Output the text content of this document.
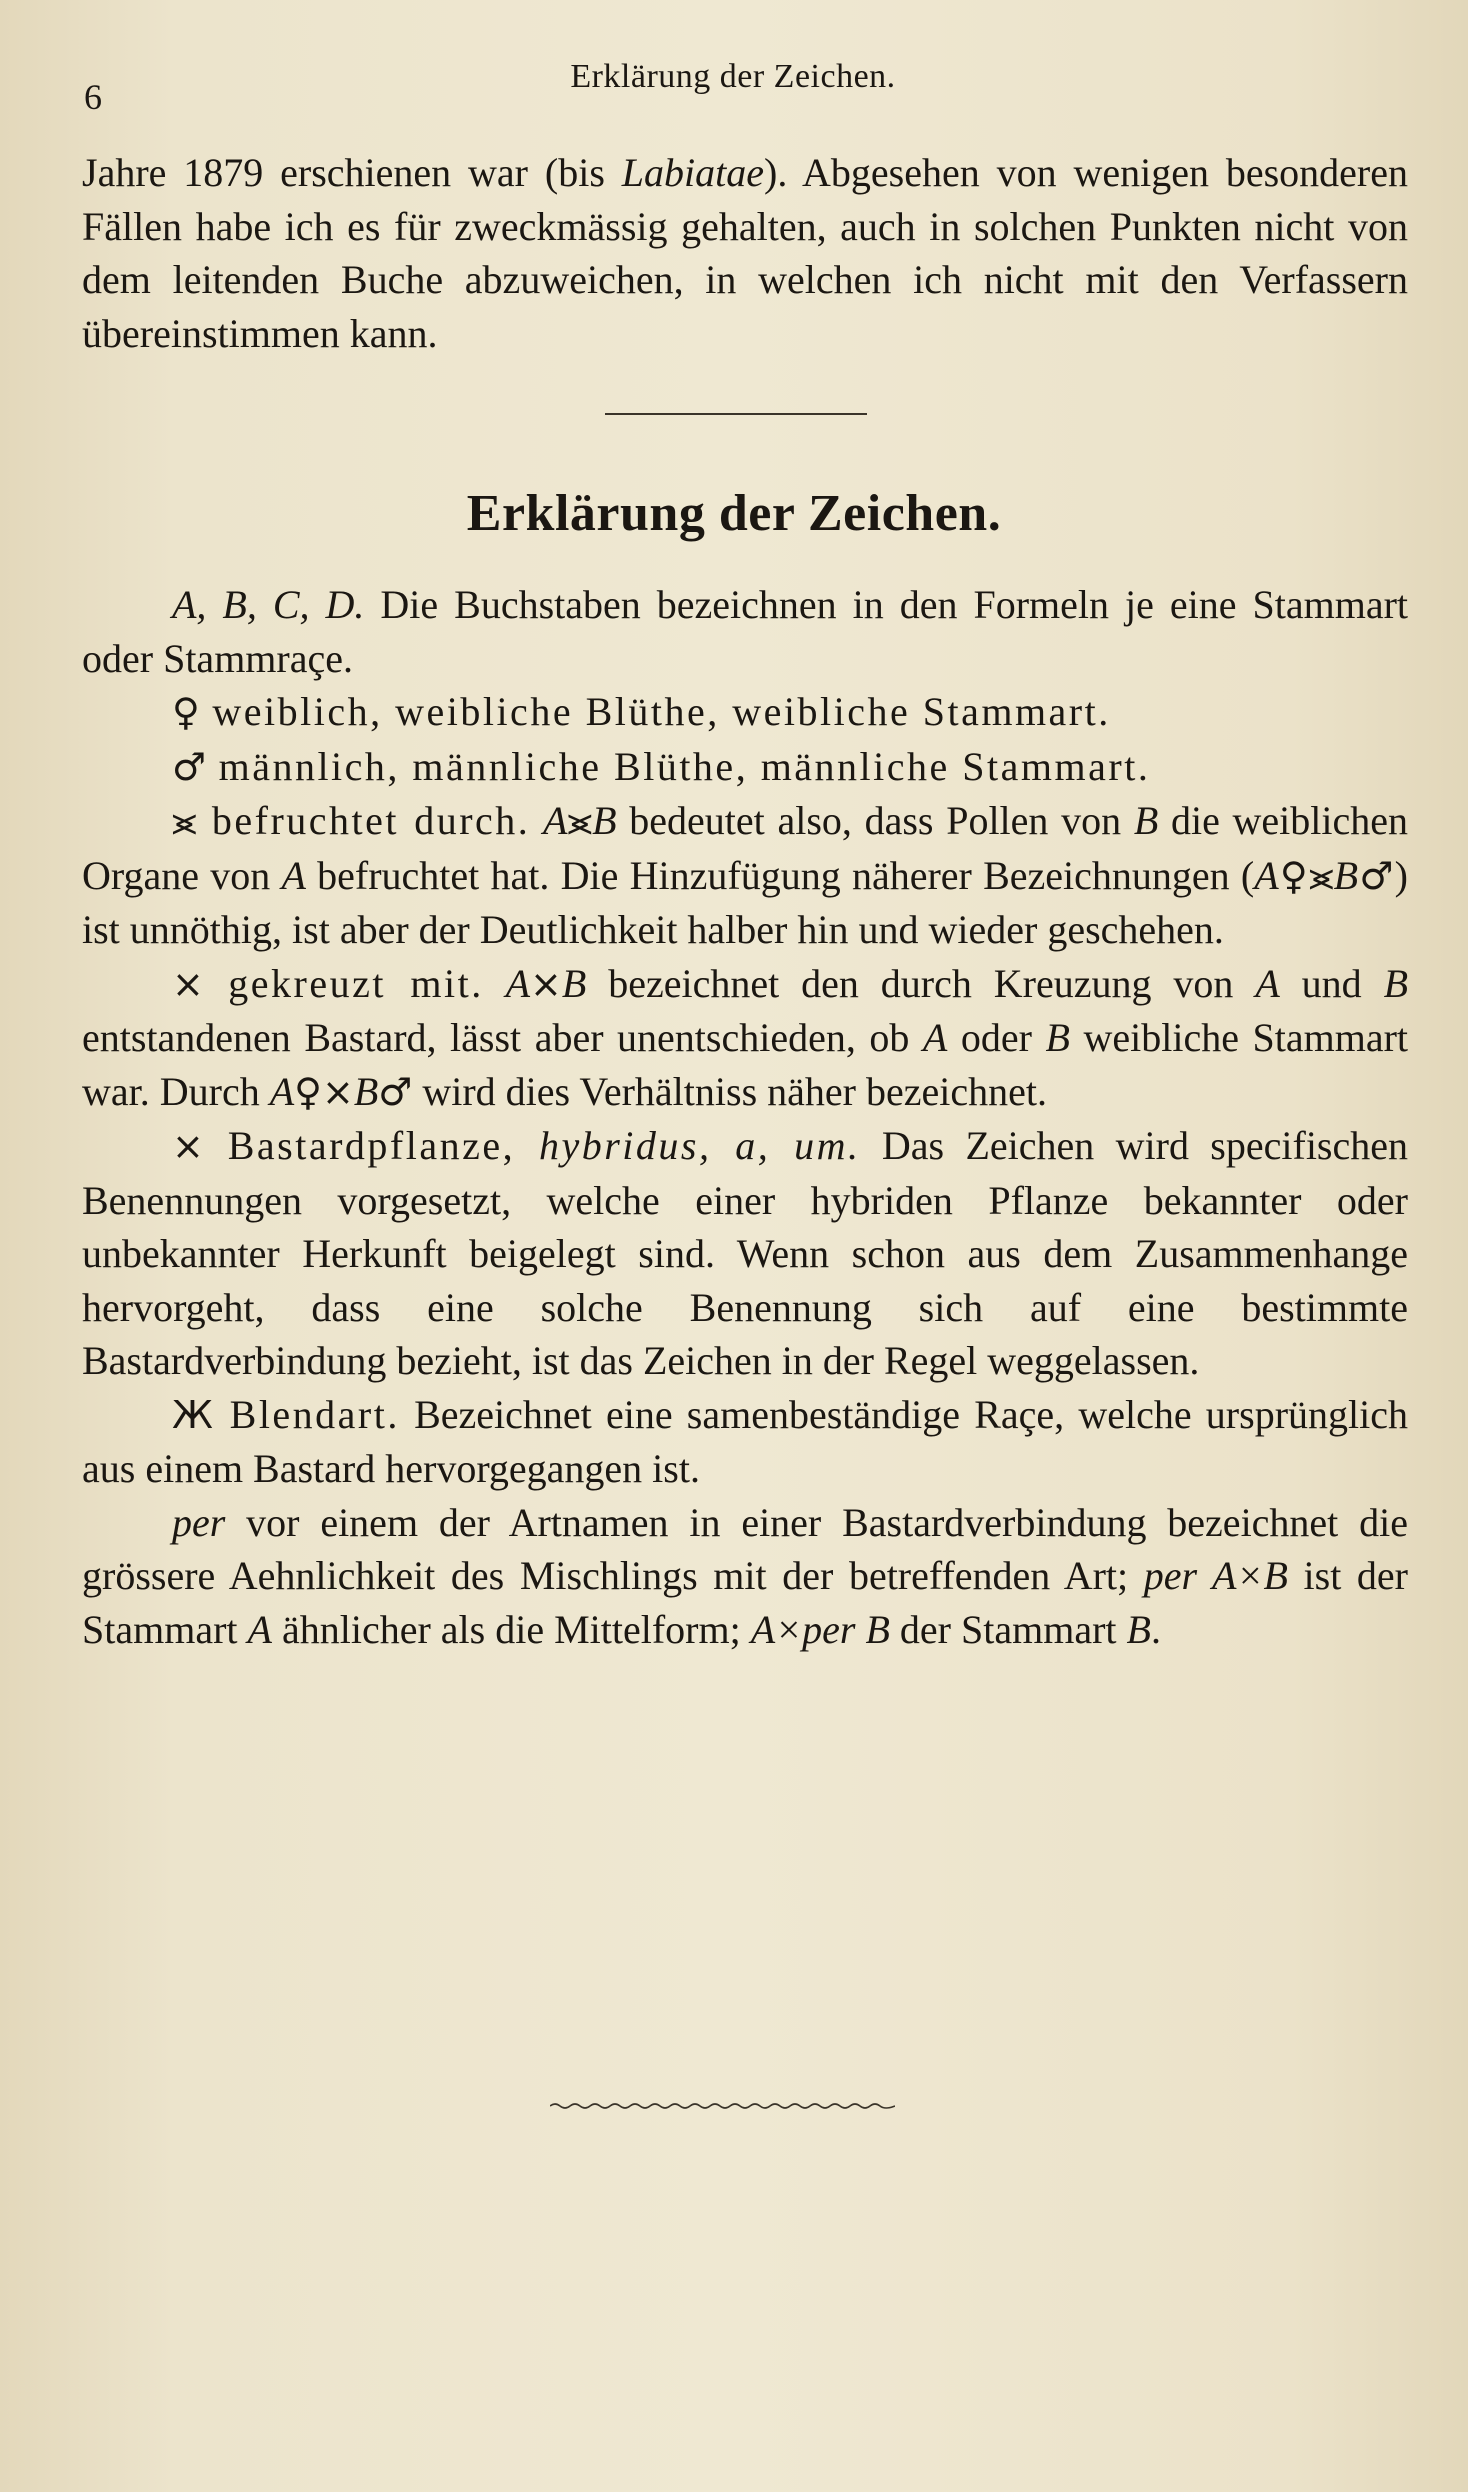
6
Erklärung der Zeichen.

Jahre 1879 erschienen war (bis Labiatae). Abgesehen von wenigen besonderen Fällen habe ich es für zweckmässig gehalten, auch in solchen Punkten nicht von dem leitenden Buche abzuweichen, in welchen ich nicht mit den Verfassern übereinstimmen kann.

Erklärung der Zeichen.

A, B, C, D. Die Buchstaben bezeichnen in den Formeln je eine Stammart oder Stammraçe.

♀ weiblich, weibliche Blüthe, weibliche Stammart.

♂ männlich, männliche Blüthe, männliche Stammart.

⪤ befruchtet durch. A⪤B bedeutet also, dass Pollen von B die weiblichen Organe von A befruchtet hat. Die Hinzufügung näherer Bezeichnungen (A♀⪤B♂) ist unnöthig, ist aber der Deutlichkeit halber hin und wieder geschehen.

× gekreuzt mit. A×B bezeichnet den durch Kreuzung von A und B entstandenen Bastard, lässt aber unentschieden, ob A oder B weibliche Stammart war. Durch A♀×B♂ wird dies Verhältniss näher bezeichnet.

⨯ Bastardpflanze, hybridus, a, um. Das Zeichen wird specifischen Benennungen vorgesetzt, welche einer hybriden Pflanze bekannter oder unbekannter Herkunft beigelegt sind. Wenn schon aus dem Zusammenhange hervorgeht, dass eine solche Benennung sich auf eine bestimmte Bastardverbindung bezieht, ist das Zeichen in der Regel weggelassen.

Ж Blendart. Bezeichnet eine samenbeständige Raçe, welche ursprünglich aus einem Bastard hervorgegangen ist.

per vor einem der Artnamen in einer Bastardverbindung bezeichnet die grössere Aehnlichkeit des Mischlings mit der betreffenden Art; per A×B ist der Stammart A ähnlicher als die Mittelform; A×per B der Stammart B.
